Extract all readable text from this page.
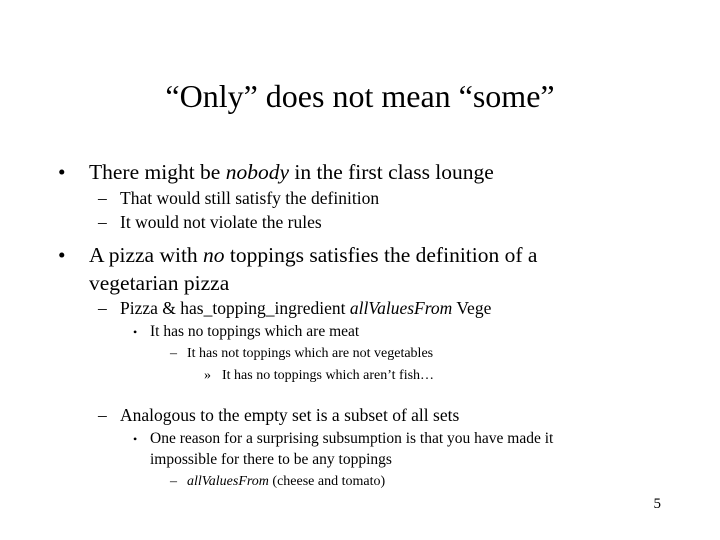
“Only” does not mean “some”
• There might be nobody in the first class lounge
– That would still satisfy the definition
– It would not violate the rules
• A pizza with no toppings satisfies the definition of a
vegetarian pizza
– Pizza & has_topping_ingredient allValuesFrom Vege
• It has no toppings which are meat
– It has not toppings which are not vegetables
» It has no toppings which aren’t fish…
– Analogous to the empty set is a subset of all sets
• One reason for a surprising subsumption is that you have made it
impossible for there to be any toppings
– allValuesFrom (cheese and tomato)
5
